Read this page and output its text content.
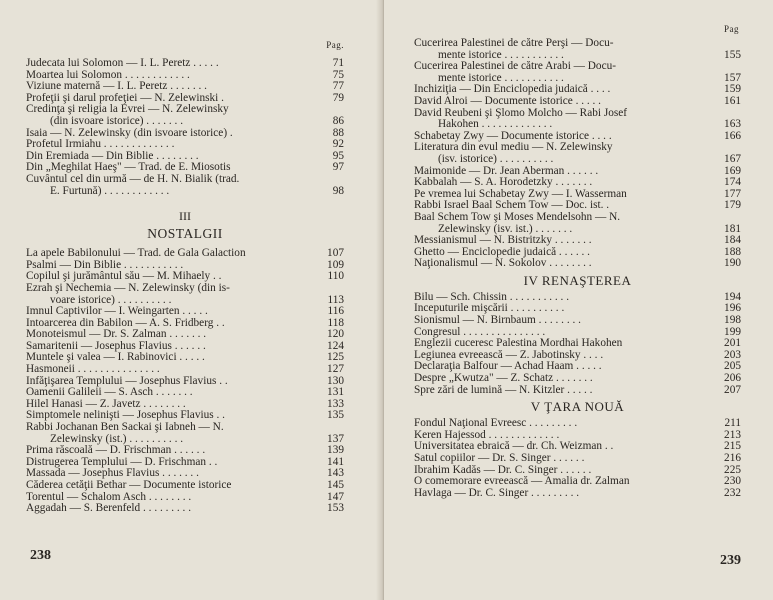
Pag.
Judecata lui Solomon — I. L. Peretz . . . . .	71
Moartea lui Solomon . . . . . . . . . . . .	75
Viziune maternă — I. L. Peretz . . . . . . .	77
Profeţii şi darul profeţiei — N. Zelewinski .	79
Credinţa şi religia la Evrei — N. Zelewinsky
(din isvoare istorice) . . . . . . .	86
Isaia — N. Zelewinsky (din isvoare istorice) .	88
Profetul Irmiahu . . . . . . . . . . . . .	92
Din Eremiada — Din Biblie . . . . . . . .	95
Din „Meghilat Haeş" — Trad. de E. Miosotis	97
Cuvântul cel din urmă — de H. N. Bialik (trad.
E. Furtună) . . . . . . . . . . . .	98
III
NOSTALGII
La apele Babilonului — Trad. de Gala Galaction	107
Psalmi — Din Biblie . . . . . . . . . . .	109
Copilul şi jurământul său — M. Mihaely . .	110
Ezrah şi Nechemia — N. Zelewinsky (din is-
voare istorice) . . . . . . . . . .	113
Imnul Captivilor — I. Weingarten . . . . .	116
Intoarcerea din Babilon — A. S. Fridberg . .	118
Monoteismul — Dr. S. Zalman . . . . . . .	120
Samaritenii — Josephus Flavius . . . . . .	124
Muntele şi valea — I. Rabinovici . . . . .	125
Hasmoneii . . . . . . . . . . . . . . .	127
Infăţişarea Templului — Josephus Flavius . .	130
Oamenii Galileii — S. Asch . . . . . . .	131
Hilel Hanasi — Z. Javetz . . . . . . . .	133
Simptomele nelinişti — Josephus Flavius . .	135
Rabbi Jochanan Ben Sackai şi Iabneh — N.
Zelewinsky (ist.) . . . . . . . . . .	137
Prima răscoală — D. Frischman . . . . . .	139
Distrugerea Templului — D. Frischman . .	141
Massada — Josephus Flavius . . . . . . .	143
Căderea cetăţii Bethar — Documente istorice	145
Torentul — Schalom Asch . . . . . . . .	147
Aggadah — S. Berenfeld . . . . . . . . .	153
Pag
Cucerirea Palestinei de către Perşi — Docu-
mente istorice . . . . . . . . . . .	155
Cucerirea Palestinei de către Arabi — Docu-
mente istorice . . . . . . . . . . .	157
Inchiziţia — Din Enciclopedia judaică . . . .	159
David Alroi — Documente istorice . . . . .	161
David Reubeni şi Şlomo Molcho — Rabi Josef
Hakohen . . . . . . . . . . . . .	163
Schabetay Zwy — Documente istorice . . . .	166
Literatura din evul mediu — N. Zelewinsky
(isv. istorice) . . . . . . . . . .	167
Maimonide — Dr. Jean Aberman . . . . . .	169
Kabbalah — S. A. Horodetzky . . . . . . .	174
Pe vremea lui Schabetay Zwy — I. Wasserman	177
Rabbi Israel Baal Schem Tow — Doc. ist. .	179
Baal Schem Tow şi Moses Mendelsohn — N.
Zelewinsky (isv. ist.) . . . . . . .	181
Messianismul — N. Bistritzky . . . . . . .	184
Ghetto — Enciclopedie judaică . . . . . .	188
Naţionalismul — N. Sokolov . . . . . . . .	190
IV RENAŞTEREA
Bilu — Sch. Chissin . . . . . . . . . . .	194
Inceputurile mişcării . . . . . . . . . .	196
Sionismul — N. Birnbaum . . . . . . . .	198
Congresul . . . . . . . . . . . . . . .	199
Englezii cuceresc Palestina Mordhai Hakohen	201
Legiunea evreească — Z. Jabotinsky . . . .	203
Declaraţia Balfour — Achad Haam . . . . .	205
Despre „Kwutza" — Z. Schatz . . . . . . .	206
Spre zări de lumină — N. Kitzler . . . . .	207
V ŢARA NOUĂ
Fondul Naţional Evreesc . . . . . . . . .	211
Keren Hajessod . . . . . . . . . . . . .	213
Universitatea ebraică — dr. Ch. Weizman . .	215
Satul copiilor — Dr. S. Singer . . . . . .	216
Ibrahim Kadăs — Dr. C. Singer . . . . . .	225
O comemorare evreească — Amalia dr. Zalman	230
Havlaga — Dr. C. Singer . . . . . . . . .	232
238	239
